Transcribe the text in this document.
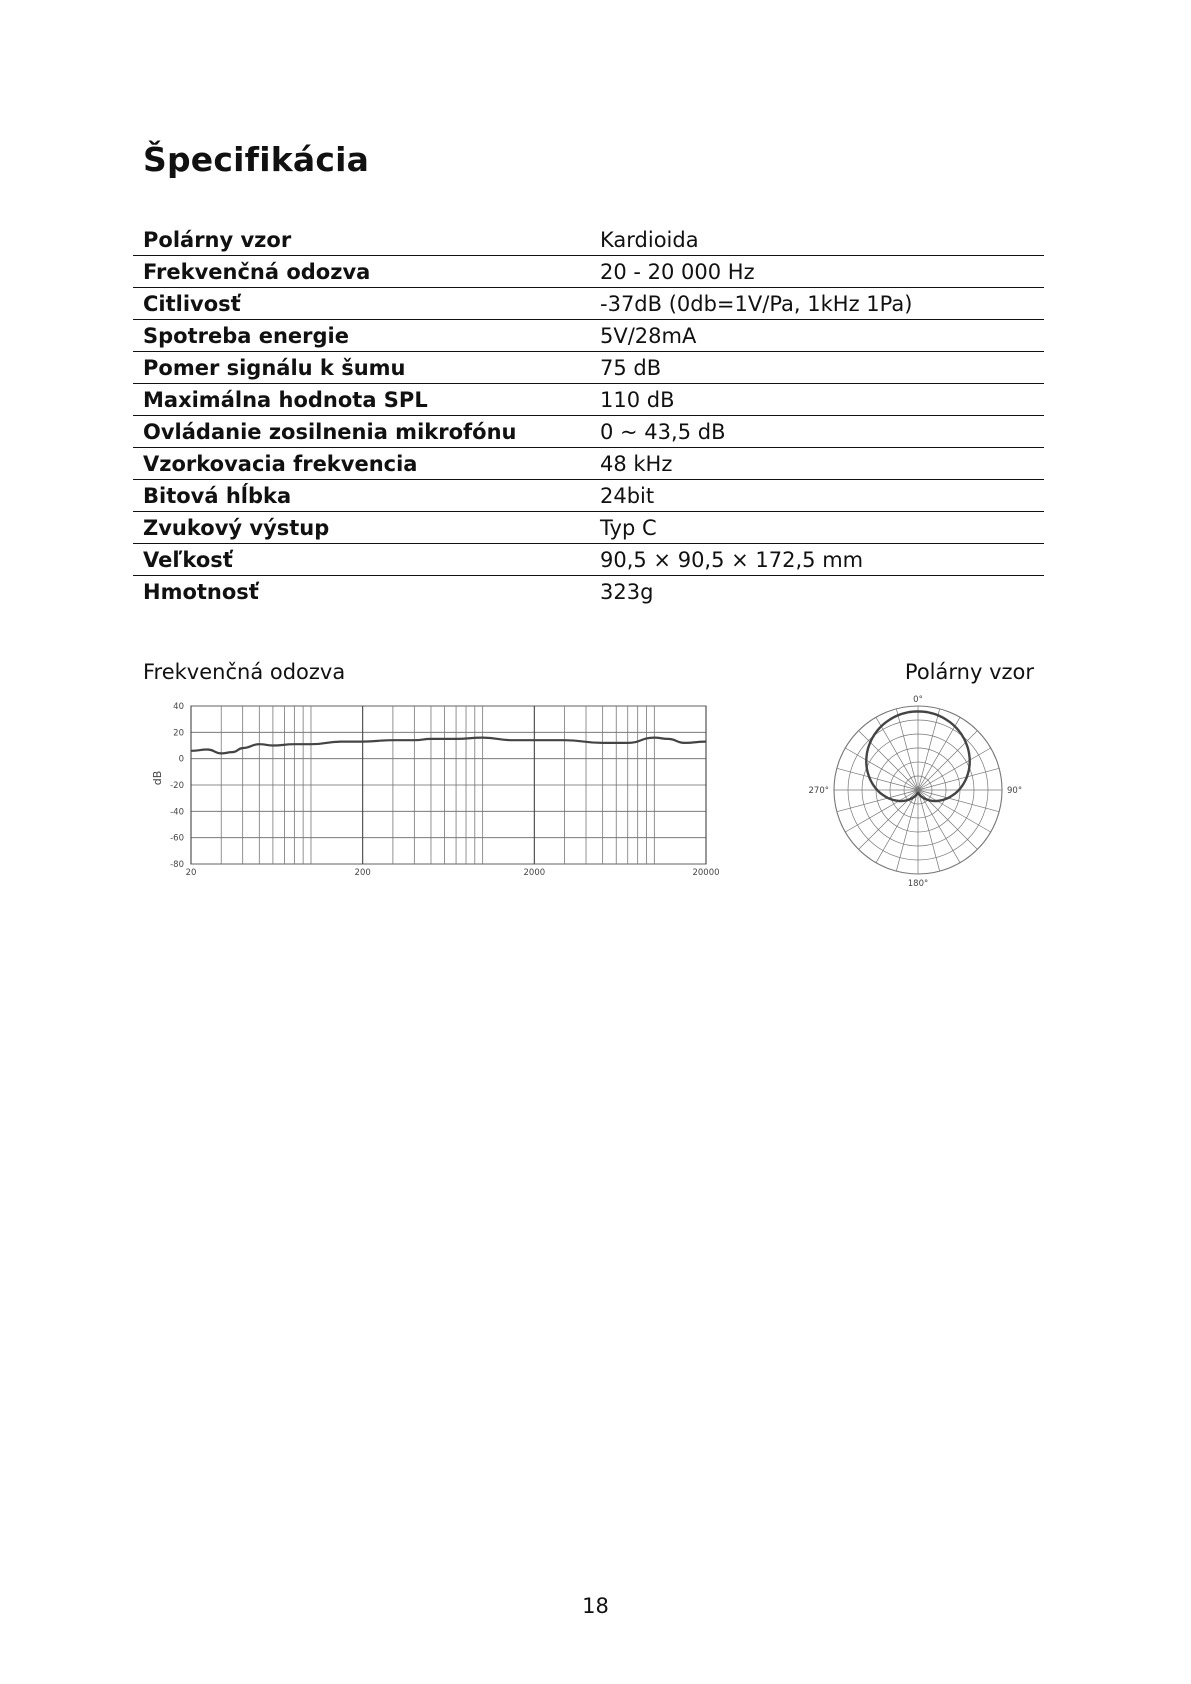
Špecifikácia
Polárny vzor	Kardioida
Frekvenčná odozva	20 - 20 000 Hz
Citlivosť	-37dB (0db=1V/Pa, 1kHz 1Pa)
Spotreba energie	5V/28mA
Pomer signálu k šumu	75 dB
Maximálna hodnota SPL	110 dB
Ovládanie zosilnenia mikrofónu	0 ~ 43,5 dB
Vzorkovacia frekvencia	48 kHz
Bitová hĺbka	24bit
Zvukový výstup	Typ C
Veľkosť	90,5 × 90,5 × 172,5 mm
Hmotnosť	323g
Frekvenčná odozva	Polárny vzor
40
20
0
-20
-40
-60
-80
20	200	2000	20000
dB
0°
90°
180°
270°
18
